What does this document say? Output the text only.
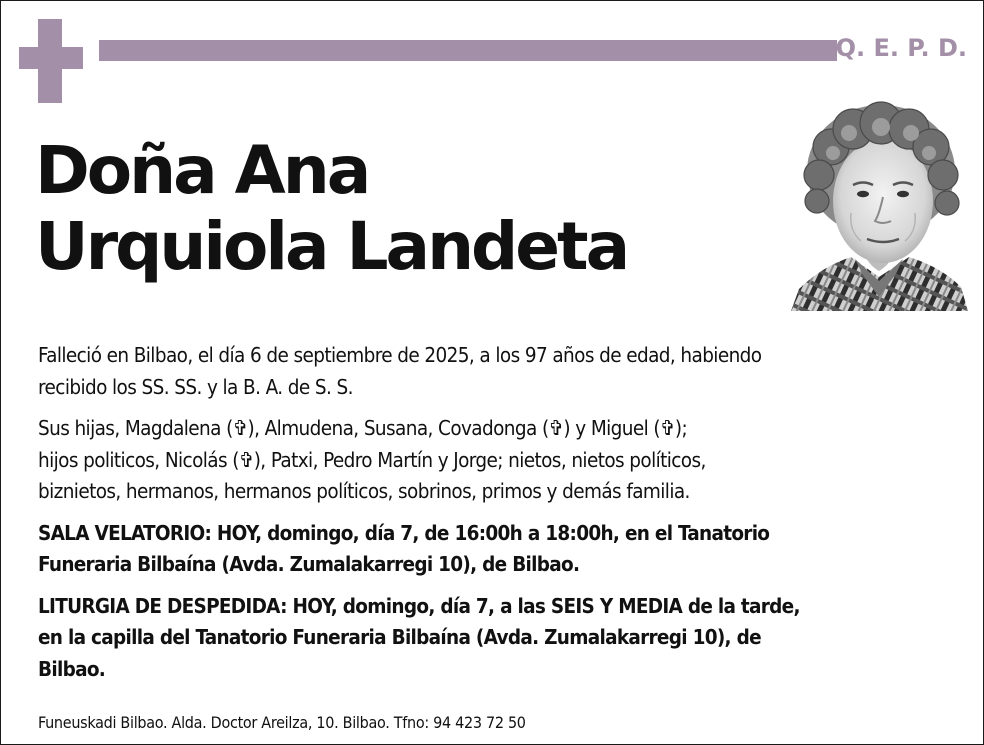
Q. E. P. D.
Doña Ana
Urquiola Landeta

Falleció en Bilbao, el día 6 de septiembre de 2025, a los 97 años de edad, habiendo
recibido los SS. SS. y la B. A. de S. S.

Sus hijas, Magdalena (✞), Almudena, Susana, Covadonga (✞) y Miguel (✞);
hijos politicos, Nicolás (✞), Patxi, Pedro Martín y Jorge; nietos, nietos políticos,
biznietos, hermanos, hermanos políticos, sobrinos, primos y demás familia.

SALA VELATORIO: HOY, domingo, día 7, de 16:00h a 18:00h, en el Tanatorio
Funeraria Bilbaína (Avda. Zumalakarregi 10), de Bilbao.

LITURGIA DE DESPEDIDA: HOY, domingo, día 7, a las SEIS Y MEDIA de la tarde,
en la capilla del Tanatorio Funeraria Bilbaína (Avda. Zumalakarregi 10), de
Bilbao.

Funeuskadi Bilbao. Alda. Doctor Areilza, 10. Bilbao. Tfno: 94 423 72 50
